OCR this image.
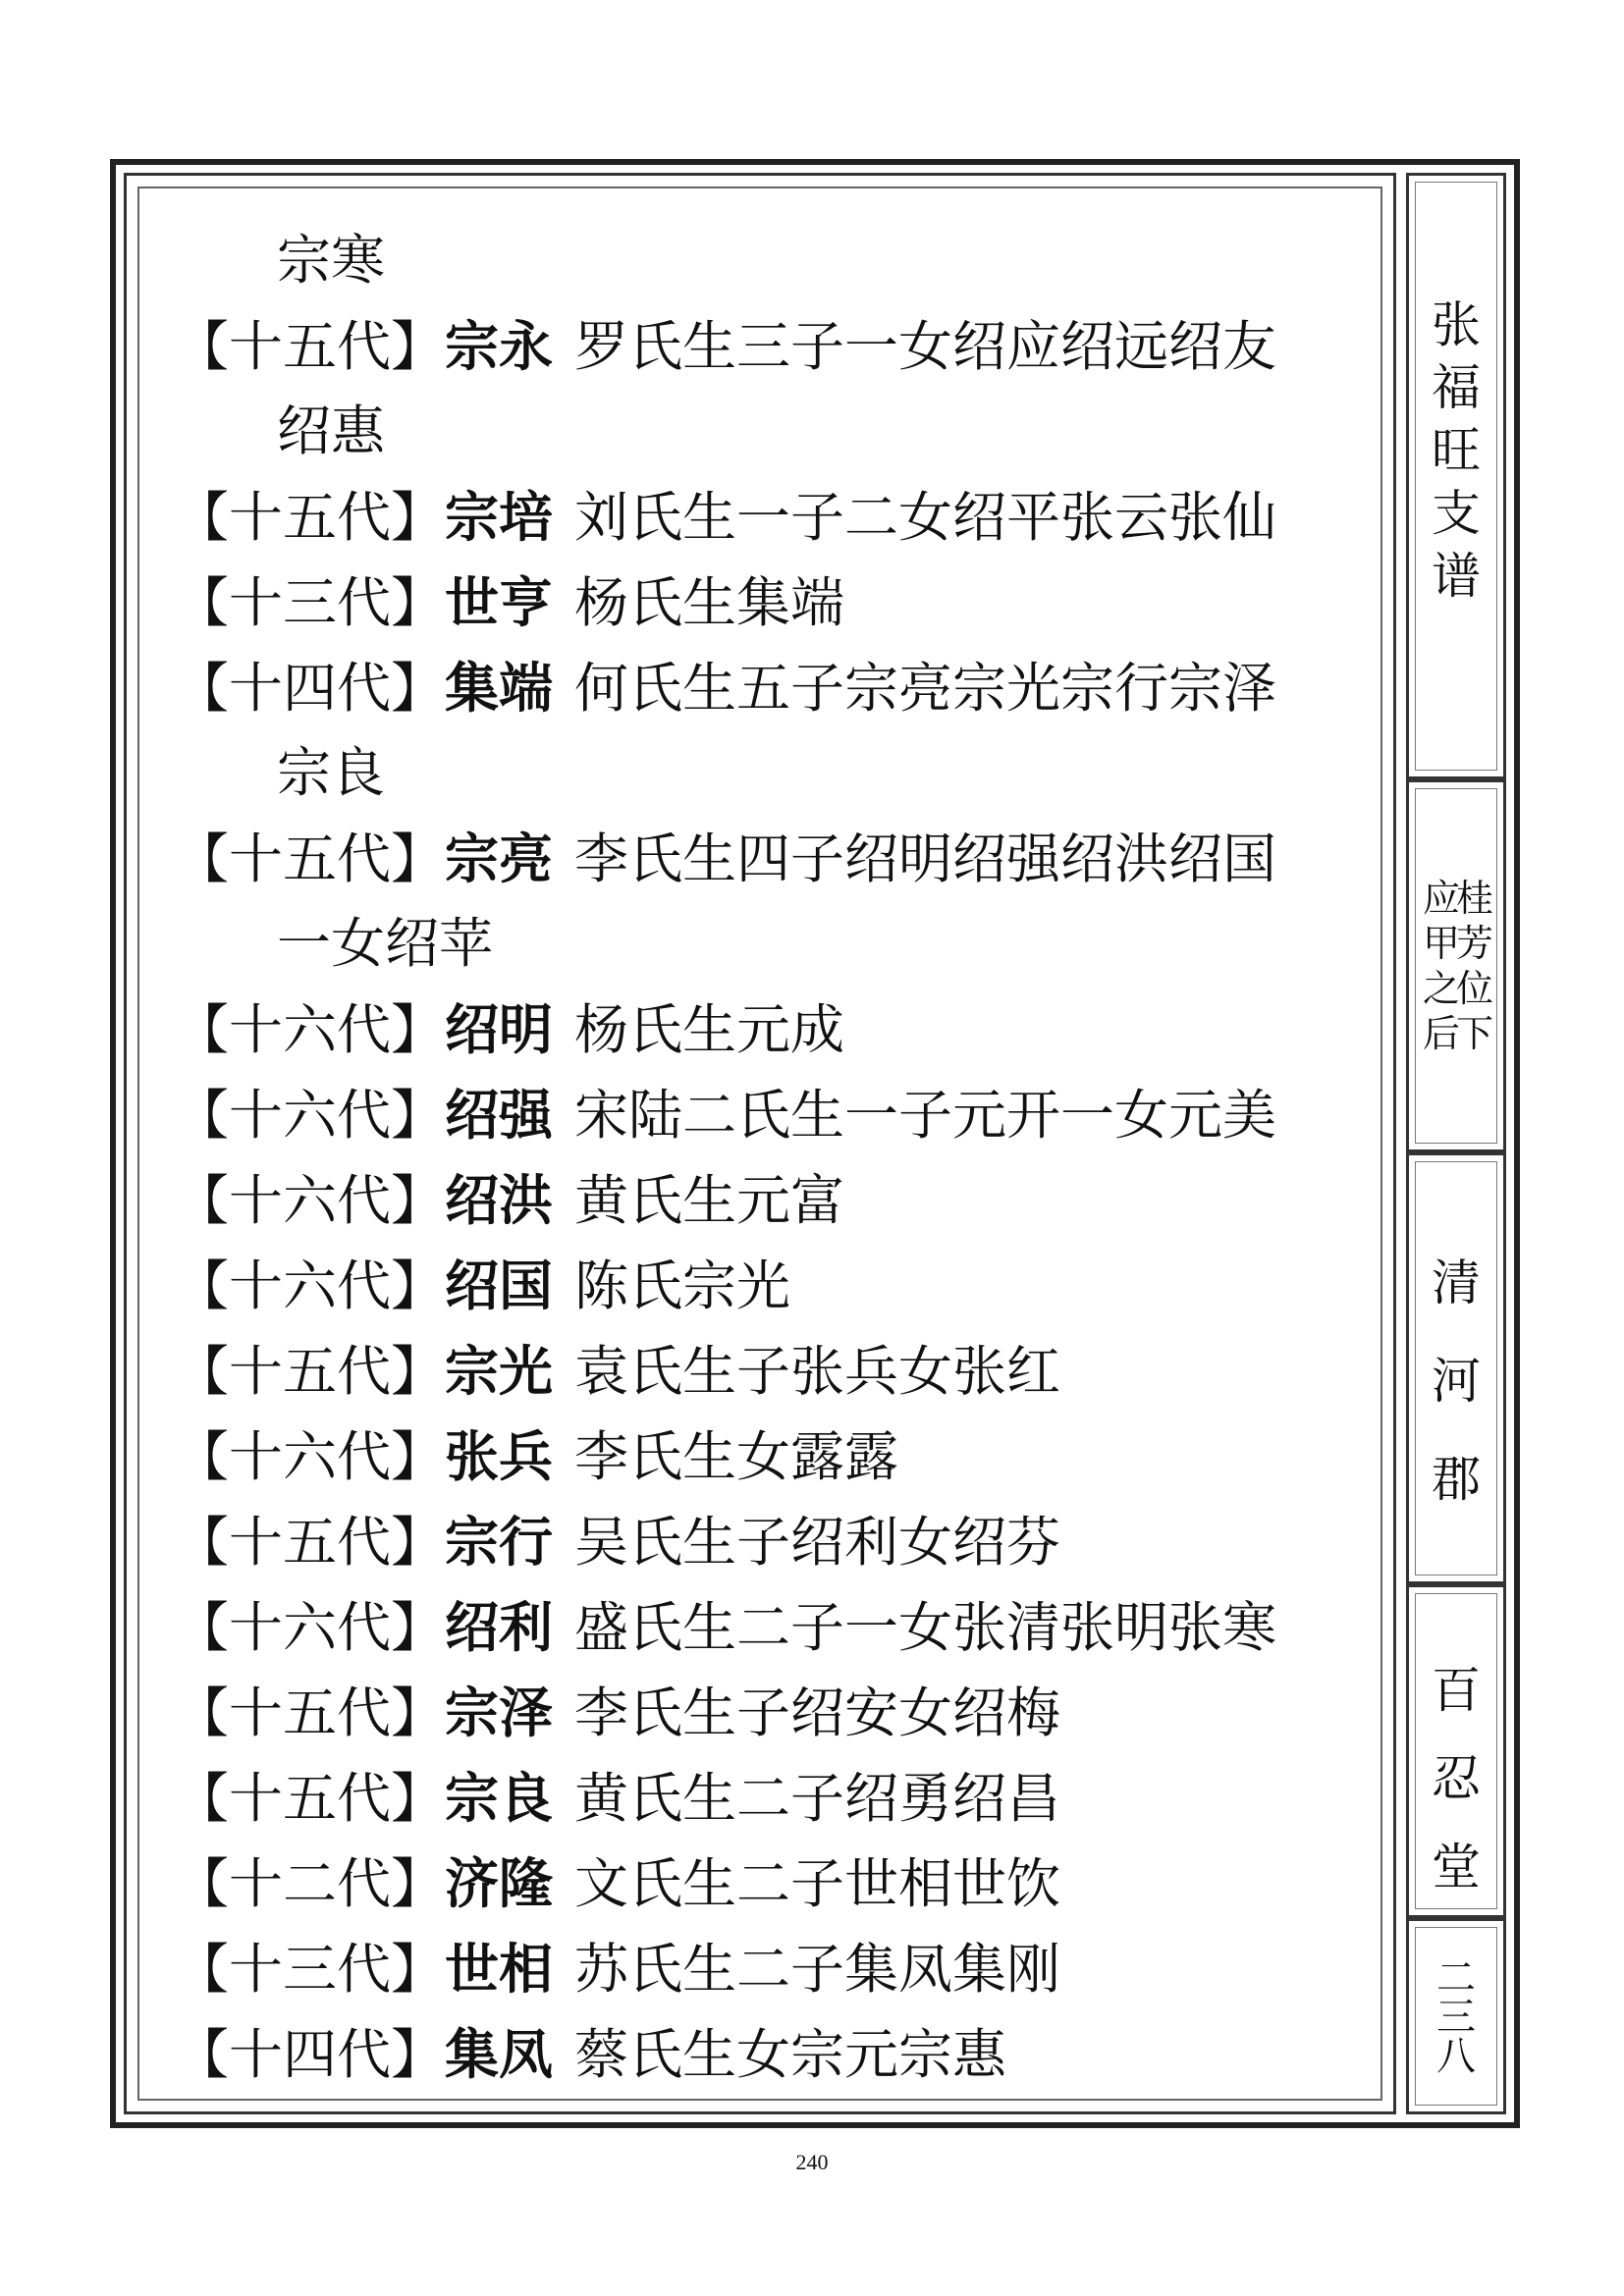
宗寒
【十五代】宗永 罗氏生三子一女绍应绍远绍友
绍惠
【十五代】宗培 刘氏生一子二女绍平张云张仙
【十三代】世亨 杨氏生集端
【十四代】集端 何氏生五子宗亮宗光宗行宗泽
宗良
【十五代】宗亮 李氏生四子绍明绍强绍洪绍国
一女绍苹
【十六代】绍明 杨氏生元成
【十六代】绍强 宋陆二氏生一子元开一女元美
【十六代】绍洪 黄氏生元富
【十六代】绍国 陈氏宗光
【十五代】宗光 袁氏生子张兵女张红
【十六代】张兵 李氏生女露露
【十五代】宗行 吴氏生子绍利女绍芬
【十六代】绍利 盛氏生二子一女张清张明张寒
【十五代】宗泽 李氏生子绍安女绍梅
【十五代】宗良 黄氏生二子绍勇绍昌
【十二代】济隆 文氏生二子世相世饮
【十三代】世相 苏氏生二子集凤集刚
【十四代】集凤 蔡氏生女宗元宗惠
张
福
旺
支
谱
桂
芳
位
下
应
甲
之
后
清
河
郡
百
忍
堂
二
三
八
240
